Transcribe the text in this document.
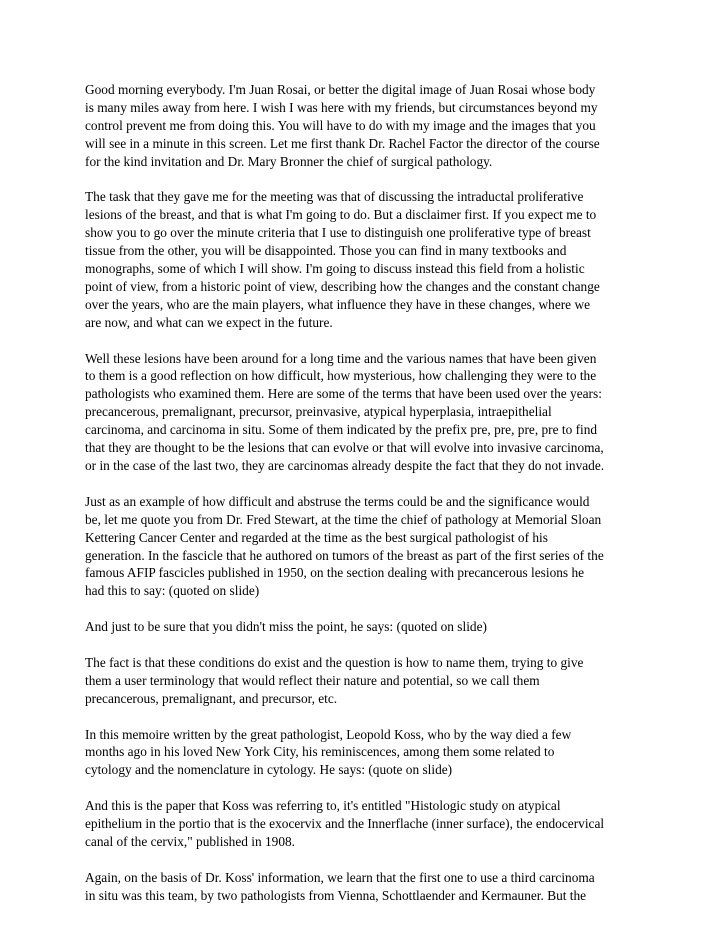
Good morning everybody. I'm Juan Rosai, or better the digital image of Juan Rosai whose body
is many miles away from here. I wish I was here with my friends, but circumstances beyond my
control prevent me from doing this. You will have to do with my image and the images that you
will see in a minute in this screen. Let me first thank Dr. Rachel Factor the director of the course
for the kind invitation and Dr. Mary Bronner the chief of surgical pathology.

The task that they gave me for the meeting was that of discussing the intraductal proliferative
lesions of the breast, and that is what I'm going to do. But a disclaimer first. If you expect me to
show you to go over the minute criteria that I use to distinguish one proliferative type of breast
tissue from the other, you will be disappointed. Those you can find in many textbooks and
monographs, some of which I will show. I'm going to discuss instead this field from a holistic
point of view, from a historic point of view, describing how the changes and the constant change
over the years, who are the main players, what influence they have in these changes, where we
are now, and what can we expect in the future.

Well these lesions have been around for a long time and the various names that have been given
to them is a good reflection on how difficult, how mysterious, how challenging they were to the
pathologists who examined them. Here are some of the terms that have been used over the years:
precancerous, premalignant, precursor, preinvasive, atypical hyperplasia, intraepithelial
carcinoma, and carcinoma in situ. Some of them indicated by the prefix pre, pre, pre, pre to find
that they are thought to be the lesions that can evolve or that will evolve into invasive carcinoma,
or in the case of the last two, they are carcinomas already despite the fact that they do not invade.

Just as an example of how difficult and abstruse the terms could be and the significance would
be, let me quote you from Dr. Fred Stewart, at the time the chief of pathology at Memorial Sloan
Kettering Cancer Center and regarded at the time as the best surgical pathologist of his
generation. In the fascicle that he authored on tumors of the breast as part of the first series of the
famous AFIP fascicles published in 1950, on the section dealing with precancerous lesions he
had this to say: (quoted on slide)

And just to be sure that you didn't miss the point, he says: (quoted on slide)

The fact is that these conditions do exist and the question is how to name them, trying to give
them a user terminology that would reflect their nature and potential, so we call them
precancerous, premalignant, and precursor, etc.

In this memoire written by the great pathologist, Leopold Koss, who by the way died a few
months ago in his loved New York City, his reminiscences, among them some related to
cytology and the nomenclature in cytology. He says: (quote on slide)

And this is the paper that Koss was referring to, it's entitled "Histologic study on atypical
epithelium in the portio that is the exocervix and the Innerflache (inner surface), the endocervical
canal of the cervix," published in 1908.

Again, on the basis of Dr. Koss' information, we learn that the first one to use a third carcinoma
in situ was this team, by two pathologists from Vienna, Schottlaender and Kermauner. But the
